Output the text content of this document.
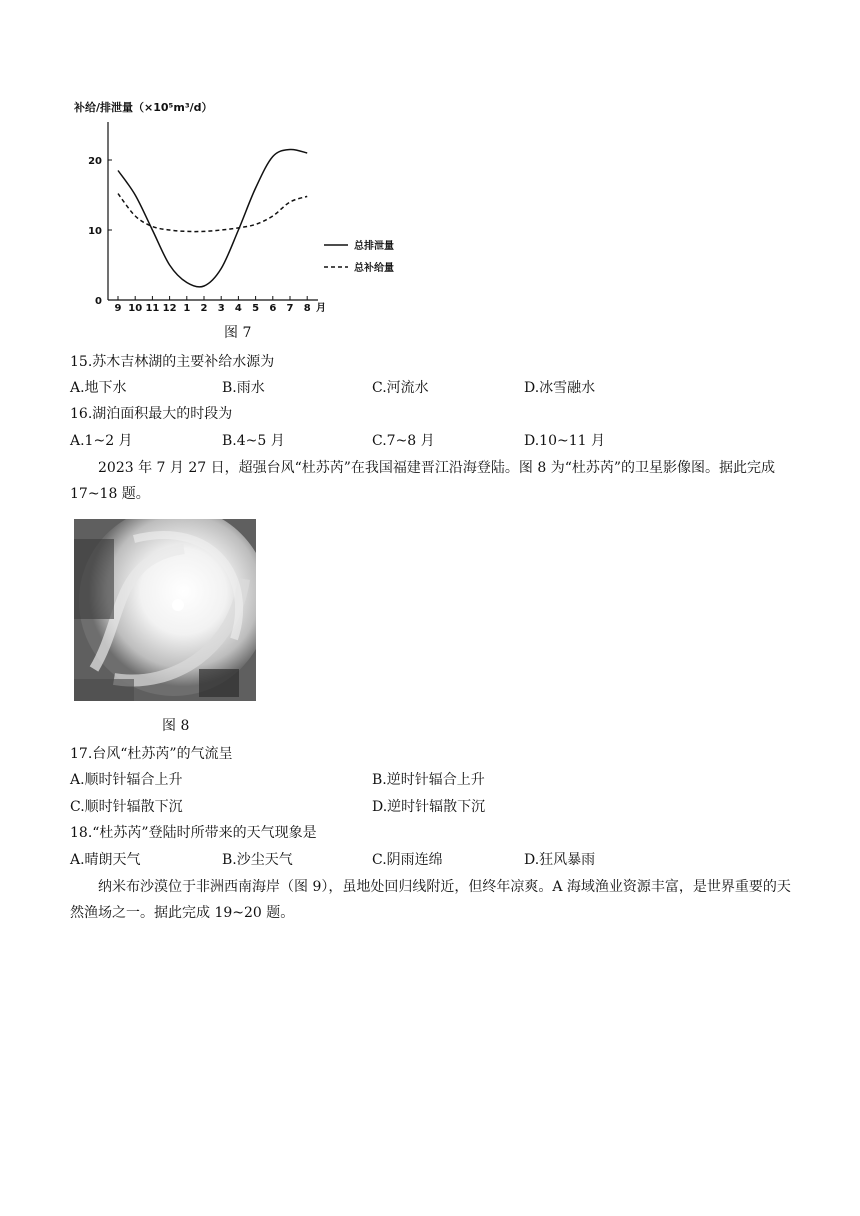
补给/排泄量（×10⁵m³/d）
0
10
20
9 10 11 12 1 2 3 4 5 6 7 8 月
总排泄量
总补给量
图 7
15.苏木吉林湖的主要补给水源为
A.地下水	B.雨水	C.河流水	D.冰雪融水
16.湖泊面积最大的时段为
A.1~2 月	B.4~5 月	C.7~8 月	D.10~11 月
2023 年 7 月 27 日，超强台风“杜苏芮”在我国福建晋江沿海登陆。图 8 为“杜苏芮”的卫星影像图。据此完成 17~18 题。
图 8
17.台风“杜苏芮”的气流呈
A.顺时针辐合上升	B.逆时针辐合上升
C.顺时针辐散下沉	D.逆时针辐散下沉
18.“杜苏芮”登陆时所带来的天气现象是
A.晴朗天气	B.沙尘天气	C.阴雨连绵	D.狂风暴雨
纳米布沙漠位于非洲西南海岸（图 9），虽地处回归线附近，但终年凉爽。A 海域渔业资源丰富，是世界重要的天然渔场之一。据此完成 19~20 题。
